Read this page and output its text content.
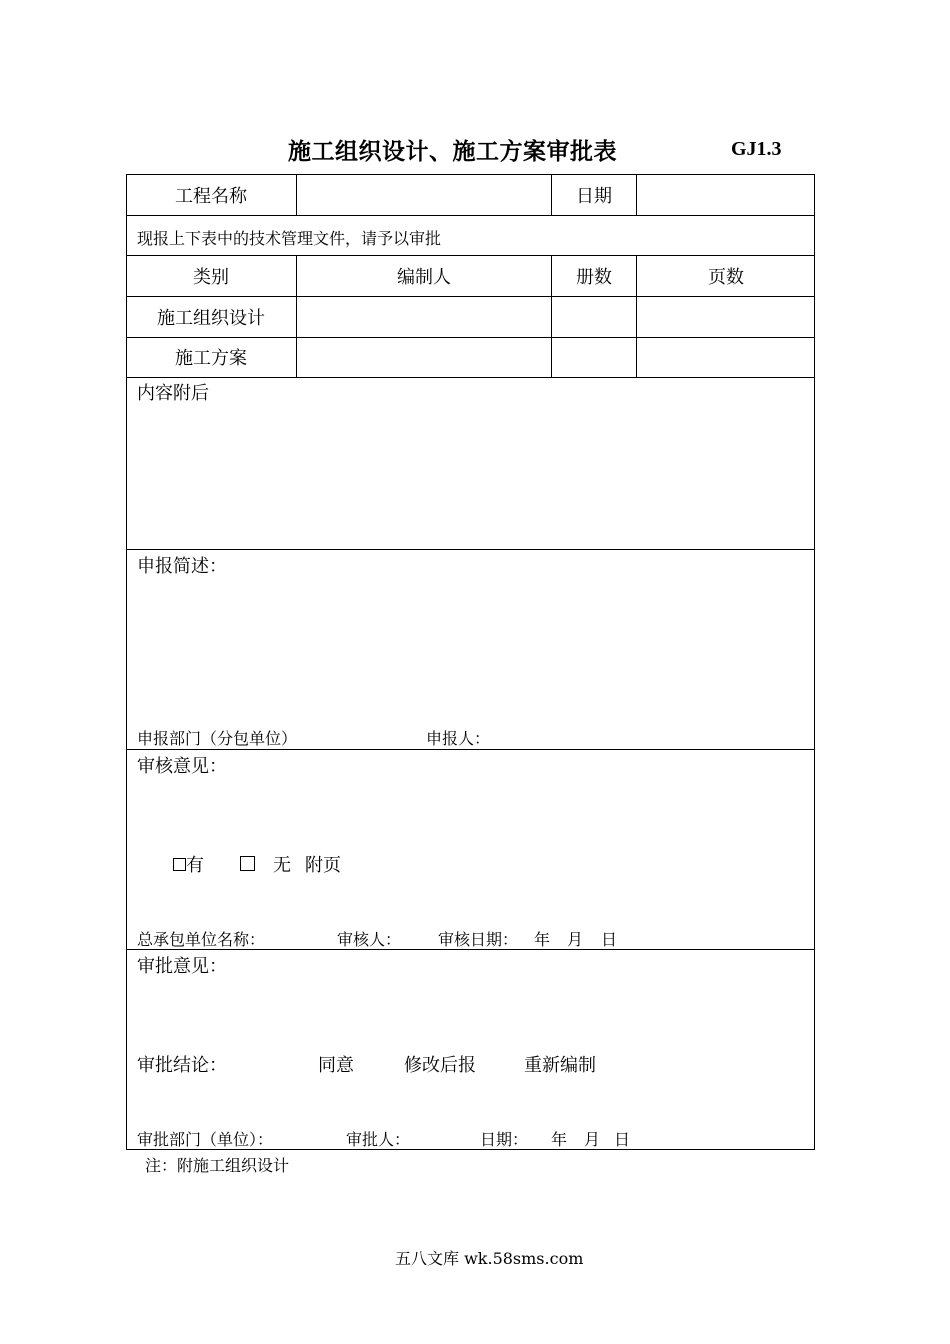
施工组织设计、施工方案审批表	GJ1.3
工程名称	日期
现报上下表中的技术管理文件，请予以审批
类别	编制人	册数	页数
施工组织设计
施工方案
内容附后
申报简述：
申报部门（分包单位）	申报人：
审核意见：
有	无 附页
总承包单位名称：	审核人： 审核日期： 年 月 日
审批意见：
审批结论：	同意	修改后报	重新编制
审批部门（单位）：	审批人：	日期： 年 月 日
注：附施工组织设计
五八文库 wk.58sms.com
